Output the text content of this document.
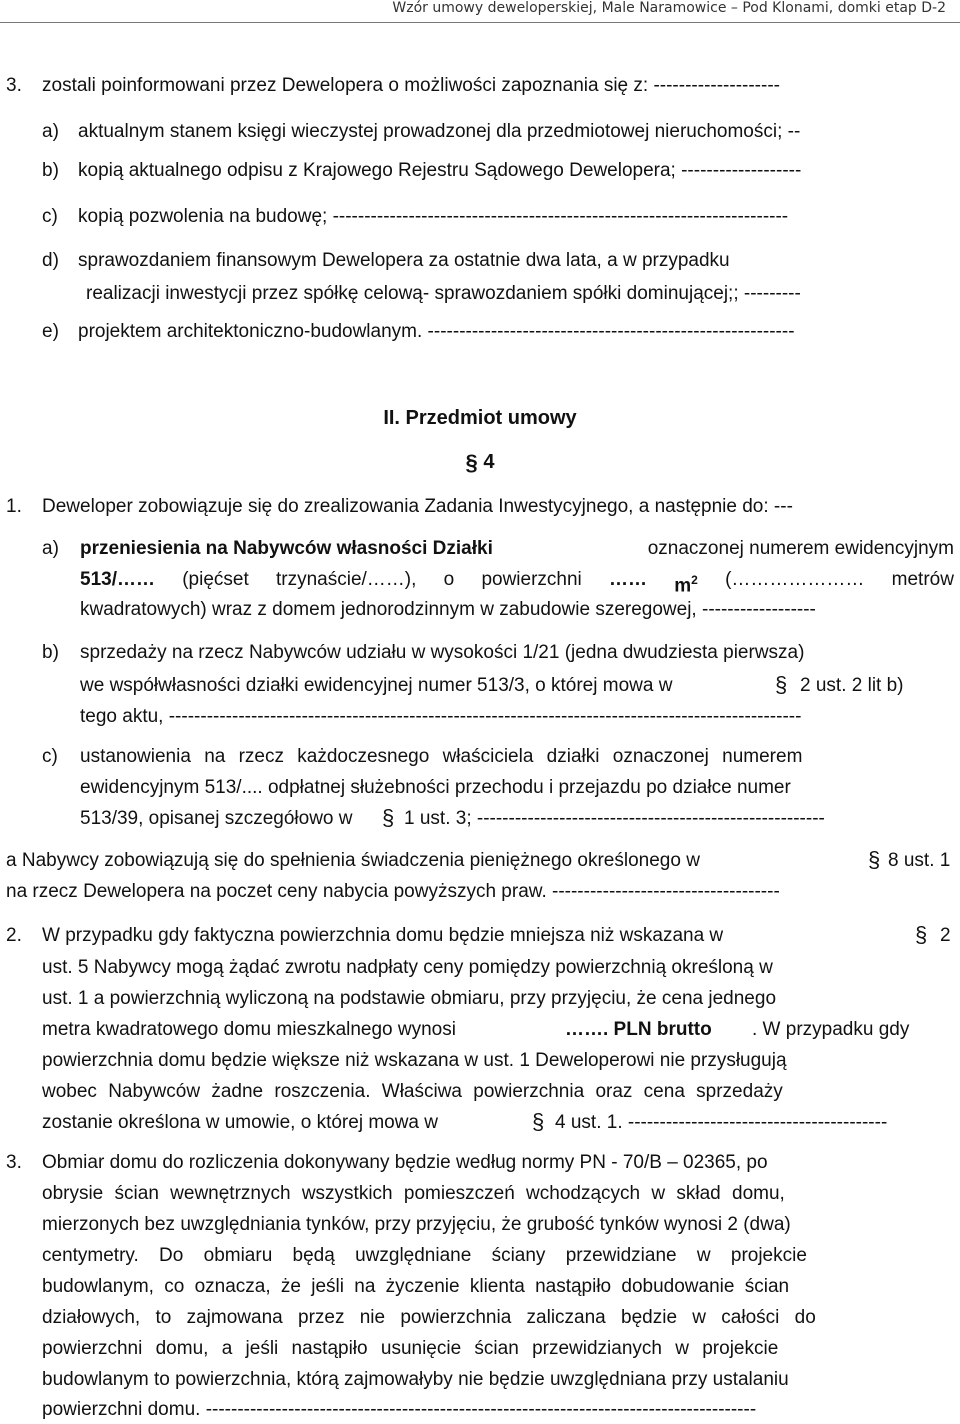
Wzór umowy deweloperskiej, Male Naramowice – Pod Klonami, domki etap D-2
3. zostali poinformowani przez Dewelopera o możliwości zapoznania się z: --------------------
a) aktualnym stanem księgi wieczystej prowadzonej dla przedmiotowej nieruchomości; --
b) kopią aktualnego odpisu z Krajowego Rejestru Sądowego Dewelopera; -------------------
c) kopią pozwolenia na budowę; ------------------------------------------------------------------------
d) sprawozdaniem finansowym Dewelopera za ostatnie dwa lata, a w przypadku
realizacji inwestycji przez spółkę celową- sprawozdaniem spółki dominującej;; ---------
e) projektem architektoniczno-budowlanym. ----------------------------------------------------------
II. Przedmiot umowy
§ 4
1. Deweloper zobowiązuje się do zrealizowania Zadania Inwestycyjnego, a następnie do: ---
a) przeniesienia na Nabywców własności Działki	oznaczonej numerem ewidencyjnym
513/…… (pięćset trzynaście/……), o powierzchni …… $m^2$ (………………… metrów
kwadratowych) wraz z domem jednorodzinnym w zabudowie szeregowej, ------------------
b) sprzedaży na rzecz Nabywców udziału w wysokości 1/21 (jedna dwudziesta pierwsza)
we współwłasności działki ewidencyjnej numer 513/3, o której mowa w	§ 2 ust. 2 lit b)
tego aktu, ----------------------------------------------------------------------------------------------------
c) ustanowienia na rzecz każdoczesnego właściciela działki oznaczonej numerem
ewidencyjnym 513/.... odpłatnej służebności przechodu i przejazdu po działce numer
513/39, opisanej szczegółowo w § 1 ust. 3; -------------------------------------------------------
a Nabywcy zobowiązują się do spełnienia świadczenia pieniężnego określonego w	§ 8 ust. 1
na rzecz Dewelopera na poczet ceny nabycia powyższych praw. ------------------------------------
2. W przypadku gdy faktyczna powierzchnia domu będzie mniejsza niż wskazana w	§ 2
ust. 5 Nabywcy mogą żądać zwrotu nadpłaty ceny pomiędzy powierzchnią określoną w
ust. 1 a powierzchnią wyliczoną na podstawie obmiaru, przy przyjęciu, że cena jednego
metra kwadratowego domu mieszkalnego wynosi	……. PLN brutto . W przypadku gdy
powierzchnia domu będzie większe niż wskazana w ust. 1 Deweloperowi nie przysługują
wobec Nabywców żadne roszczenia. Właściwa powierzchnia oraz cena sprzedaży
zostanie określona w umowie, o której mowa w	§ 4 ust. 1. -----------------------------------------
3. Obmiar domu do rozliczenia dokonywany będzie według normy PN - 70/B – 02365, po
obrysie ścian wewnętrznych wszystkich pomieszczeń wchodzących w skład domu,
mierzonych bez uwzględniania tynków, przy przyjęciu, że grubość tynków wynosi 2 (dwa)
centymetry. Do obmiaru będą uwzględniane ściany przewidziane w projekcie
budowlanym, co oznacza, że jeśli na życzenie klienta nastąpiło dobudowanie ścian
działowych, to zajmowana przez nie powierzchnia zaliczana będzie w całości do
powierzchni domu, a jeśli nastąpiło usunięcie ścian przewidzianych w projekcie
budowlanym to powierzchnia, którą zajmowałyby nie będzie uwzględniana przy ustalaniu
powierzchni domu. ---------------------------------------------------------------------------------------
